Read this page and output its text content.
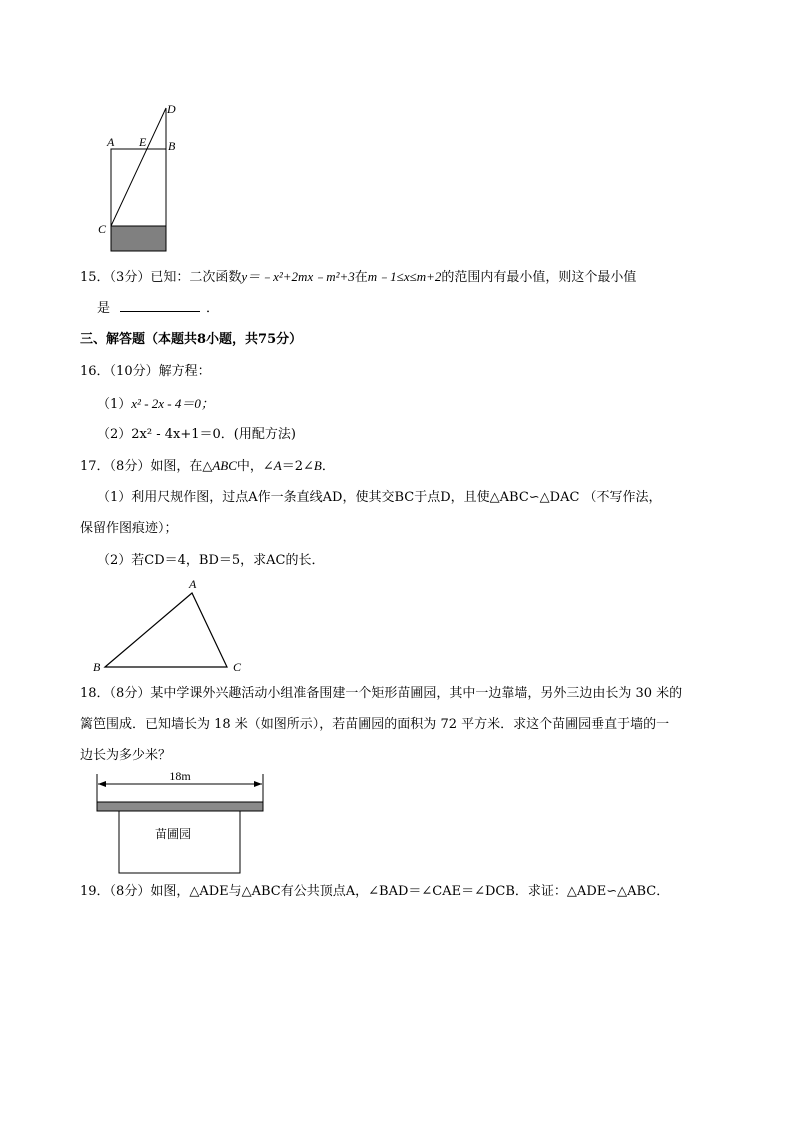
D
A E B
C
15．（3分）已知：二次函数y＝﹣x²+2mx﹣m²+3在m﹣1≤x≤m+2的范围内有最小值，则这个最小值
是	．
三、解答题（本题共8小题，共75分）
16．（10分）解方程：
（1）x² - 2x - 4＝0；
（2）2x² - 4x+1＝0．(用配方法)
17．（8分）如图，在△ABC中，∠A＝2∠B．
（1）利用尺规作图，过点A作一条直线AD，使其交BC于点D，且使△ABC∽△DAC （不写作法，
保留作图痕迹）；
（2）若CD＝4，BD＝5，求AC的长．
A
B	C
18．（8分）某中学课外兴趣活动小组准备围建一个矩形苗圃园，其中一边靠墙，另外三边由长为 30 米的
篱笆围成．已知墙长为 18 米（如图所示），若苗圃园的面积为 72 平方米．求这个苗圃园垂直于墙的一
边长为多少米？
18m
苗圃园
19．（8分）如图，△ADE与△ABC有公共顶点A，∠BAD＝∠CAE＝∠DCB．求证：△ADE∽△ABC．
